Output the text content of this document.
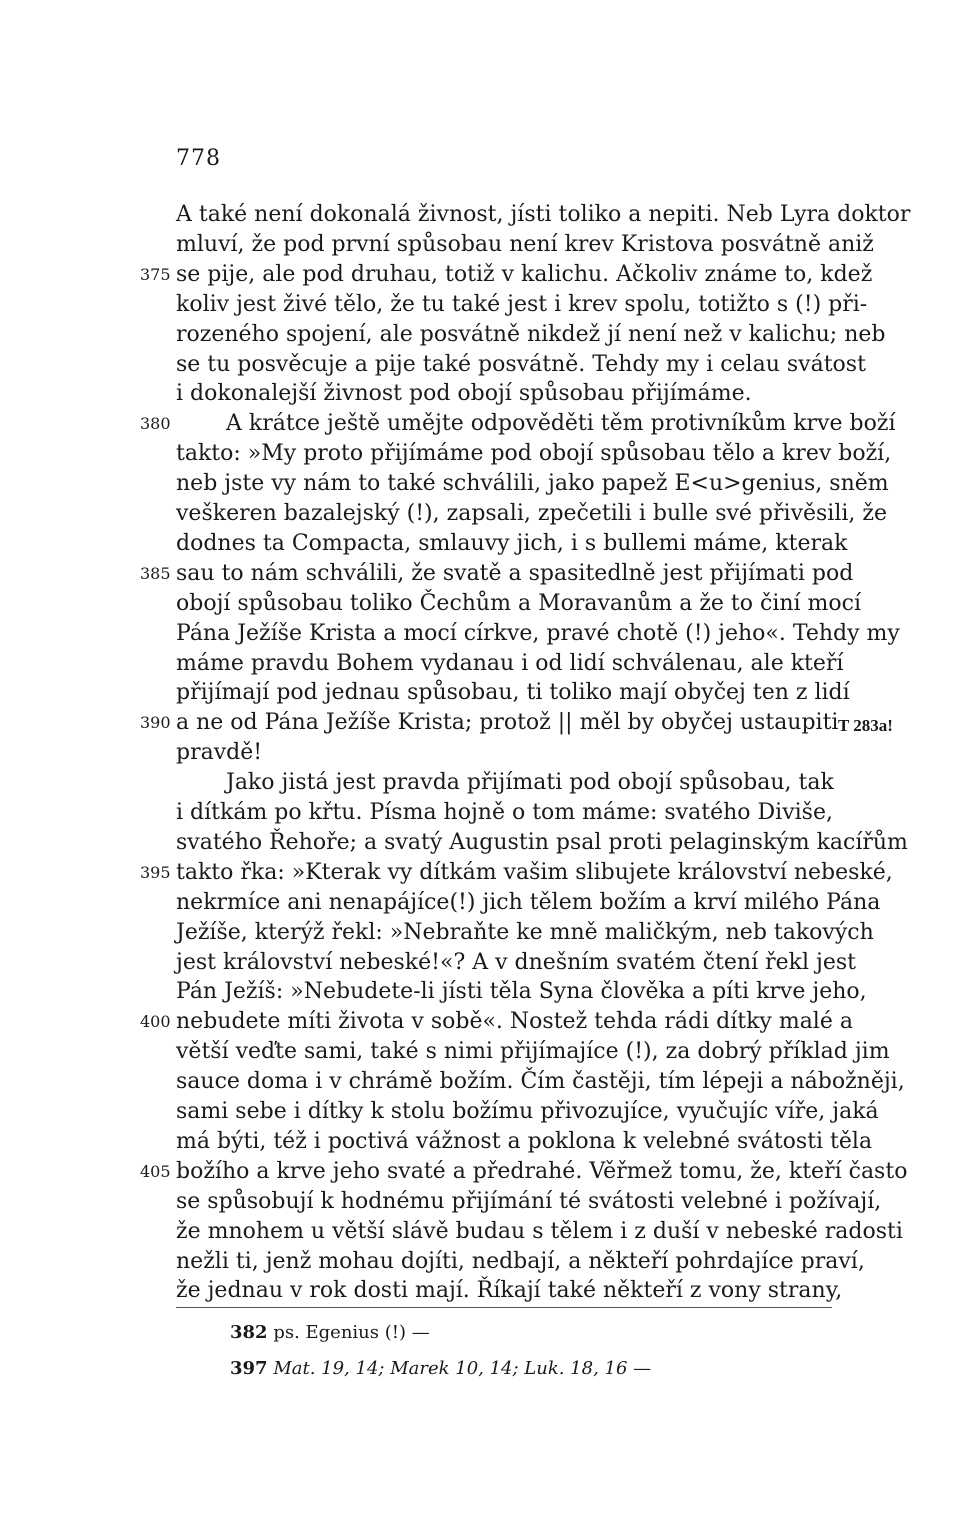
778
A také není dokonalá živnost, jísti toliko a nepiti. Neb Lyra doktor
mluví, že pod první spůsobau není krev Kristova posvátně aniž
se pije, ale pod druhau, totiž v kalichu. Ačkoliv známe to, kdež
375
koliv jest živé tělo, že tu také jest i krev spolu, totižto s (!) při-
rozeného spojení, ale posvátně nikdež jí není než v kalichu; neb
se tu posvěcuje a pije také posvátně. Tehdy my i celau svátost
i dokonalejší živnost pod obojí spůsobau přijímáme.
A krátce ještě umějte odpověděti těm protivníkům krve boží
380
takto: »My proto přijímáme pod obojí spůsobau tělo a krev boží,
neb jste vy nám to také schválili, jako papež E<u>genius, sněm
veškeren bazalejský (!), zapsali, zpečetili i bulle své přivěsili, že
dodnes ta Compacta, smlauvy jich, i s bullemi máme, kterak
sau to nám schválili, že svatě a spasitedlně jest přijímati pod
385
obojí spůsobau toliko Čechům a Moravanům a že to činí mocí
Pána Ježíše Krista a mocí církve, pravé chotě (!) jeho«. Tehdy my
máme pravdu Bohem vydanau i od lidí schválenau, ale kteří
přijímají pod jednau spůsobau, ti toliko mají obyčej ten z lidí
a ne od Pána Ježíše Krista; protož || měl by obyčej ustaupiti
390
pravdě!
Jako jistá jest pravda přijímati pod obojí spůsobau, tak
i dítkám po křtu. Písma hojně o tom máme: svatého Diviše,
svatého Řehoře; a svatý Augustin psal proti pelaginským kacířům
takto řka: »Kterak vy dítkám vašim slibujete království nebeské,
395
nekrmíce ani nenapájíce(!) jich tělem božím a krví milého Pána
Ježíše, kterýž řekl: »Nebraňte ke mně maličkým, neb takových
jest království nebeské!«? A v dnešním svatém čtení řekl jest
Pán Ježíš: »Nebudete-li jísti těla Syna člověka a píti krve jeho,
nebudete míti života v sobě«. Nostež tehda rádi dítky malé a
400
větší veďte sami, také s nimi přijímajíce (!), za dobrý příklad jim
sauce doma i v chrámě božím. Čím častěji, tím lépeji a nábožněji,
sami sebe i dítky k stolu božímu přivozujíce, vyučujíc víře, jaká
má býti, též i poctivá vážnost a poklona k velebné svátosti těla
božího a krve jeho svaté a předrahé. Věřmež tomu, že, kteří často
405
se spůsobují k hodnému přijímání té svátosti velebné i požívají,
že mnohem u větší slávě budau s tělem i z duší v nebeské radosti
nežli ti, jenž mohau dojíti, nedbají, a někteří pohrdajíce praví,
že jednau v rok dosti mají. Říkají také někteří z vony strany,
T 283a!
382 ps. Egenius (!) —
397 Mat. 19, 14; Marek 10, 14; Luk. 18, 16 —
